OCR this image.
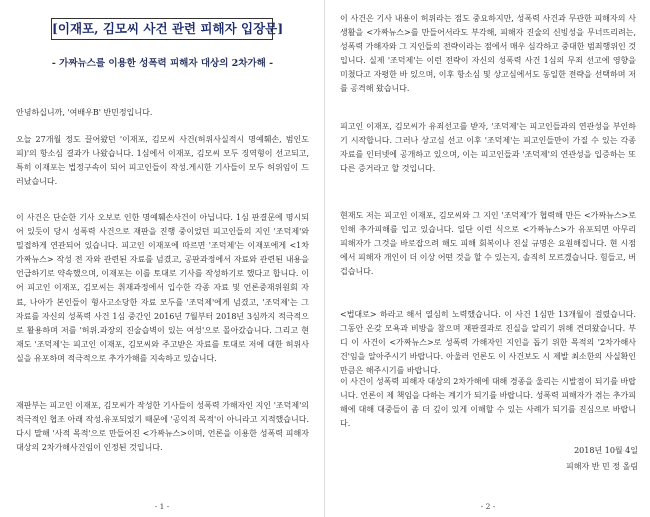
[이재포, 김모씨 사건 관련 피해자 입장문]
- 가짜뉴스를 이용한 성폭력 피해자 대상의 2차가해 -

안녕하십니까, '여배우B' 반민정입니다.

오늘 27개월 정도 끌어왔던 '이재포, 김모씨 사건(허위사실적시 명예훼손, 범인도피)'의 항소심 결과가 나왔습니다. 1심에서 이재포, 김모씨 모두 징역형이 선고되고, 특히 이재포는 법정구속이 되어 피고인들이 작성.게시한 기사들이 모두 허위임이 드러났습니다.

이 사건은 단순한 기사 오보로 인한 명예훼손사건이 아닙니다. 1심 판결문에 명시되어 있듯이 당시 성폭력 사건으로 재판을 진행 중이었던 피고인들의 지인 '조덕제'와 밀접하게 연관되어 있습니다. 피고인 이재포에 따르면 '조덕제'는 이재포에게 <1차 가짜뉴스> 작성 전 자와 관련된 자료를 넘겼고, 공판과정에서 자료와 관련된 내용을 언급하기로 약속했으며, 이재포는 이를 토대로 기사를 작성하기로 했다고 합니다. 이어 피고인 이재포, 김모씨는 취재과정에서 입수한 각종 자료 및 언론중재위원회 자료, 나아가 본인들이 형사고소당한 자료 모두를 '조덕제'에게 넘겼고, '조덕제'는 그 자료를 자신의 성폭력 사건 1심 중간인 2016년 7월부터 2018년 3심까지 적극적으로 활용하며 저를 '허위.과장의 진술습벽이 있는 여성'으로 몰아갔습니다. 그리고 현재도 '조덕제'는 피고인 이재포, 김모씨와 주고받은 자료를 토대로 저에 대한 허위사실을 유포하며 적극적으로 추가가해를 지속하고 있습니다.

재판부는 피고인 이재포, 김모씨가 작성한 기사들이 성폭력 가해자인 지인 '조덕제'의 적극적인 협조 아래 작성.유포되었기 때문에 '공익적 목적'이 아니라고 지적했습니다. 다시 말해 '사적 목적'으로 만들어진 <가짜뉴스>이며, 언론을 이용한 성폭력 피해자 대상의 2차가해사건임이 인정된 것입니다.

- 1 -

이 사건은 기사 내용이 허위라는 점도 중요하지만, 성폭력 사건과 무관한 피해자의 사생활을 <가짜뉴스>를 만들어서라도 부각해, 피해자 진술의 신빙성을 무너뜨리려는, 성폭력 가해자와 그 지인들의 전략이라는 점에서 매우 심각하고 중대한 범죄행위인 것입니다. 실제 '조덕제'는 이런 전략이 자신의 성폭력 사건 1심의 무죄 선고에 영향을 미쳤다고 자평한 바 있으며, 이후 항소심 및 상고심에서도 동일한 전략을 선택하며 저를 공격해 왔습니다.

피고인 이재포, 김모씨가 유죄선고를 받자, '조덕제'는 피고인들과의 연관성을 부인하기 시작합니다. 그러나 상고심 선고 이후 '조덕제'는 피고인들만이 가질 수 있는 각종 자료를 인터넷에 공개하고 있으며, 이는 피고인들과 '조덕제'의 연관성을 입증하는 또다른 증거라고 할 것입니다.

현재도 저는 피고인 이재포, 김모씨와 그 지인 '조덕제'가 협력해 만든 <가짜뉴스>로 인해 추가피해를 입고 있습니다. 일단 이런 식으로 <가짜뉴스>가 유포되면 아무리 피해자가 그것을 바로잡으려 해도 피해 회복이나 진실 규명은 요원해집니다. 현 시점에서 피해자 개인이 더 이상 어떤 것을 할 수 있는지, 솔직히 모르겠습니다. 힘들고, 버겁습니다.

<법대로> 하라고 해서 열심히 노력했습니다. 이 사건 1심만 13개월이 걸렸습니다. 그동안 온갖 모욕과 비방을 참으며 재판결과로 진실을 알리기 위해 견뎌왔습니다. 부디 이 사건이 <가짜뉴스>로 성폭력 가해자인 지인을 돕기 위한 목적의 '2차가해사건'임을 알아주시기 바랍니다. 아울러 언론도 이 사건보도 시 제발 최소한의 사실확인 만큼은 해주시기를 바랍니다.

이 사건이 성폭력 피해자 대상의 2차가해에 대해 경종을 울리는 시발점이 되기를 바랍니다. 언론이 제 책임을 다하는 계기가 되기를 바랍니다. 성폭력 피해자가 겪는 추가피해에 대해 대중들이 좀 더 깊이 있게 이해할 수 있는 사례가 되기를 진심으로 바랍니다.

2018년 10월 4일
피해자 반 민 정 올림
- 2 -
